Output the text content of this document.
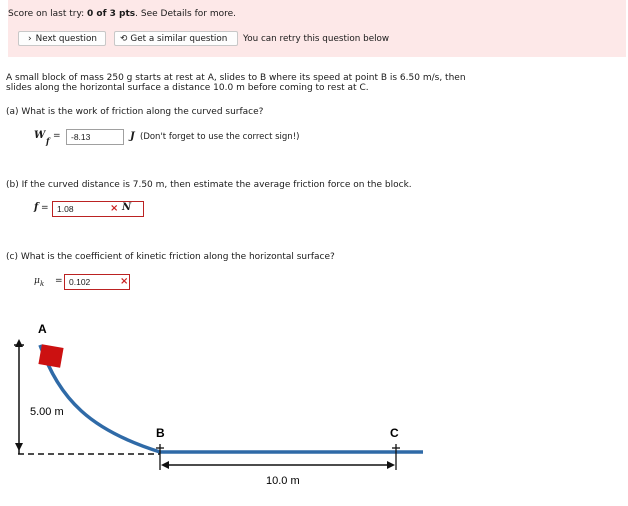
Score on last try: 0 of 3 pts. See Details for more.
› Next question	⟲ Get a similar question	You can retry this question below
A small block of mass 250 g starts at rest at A, slides to B where its speed at point B is 6.50 m/s, then slides along the horizontal surface a distance 10.0 m before coming to rest at C.
(a) What is the work of friction along the curved surface?
W f =	-8.13	J (Don't forget to use the correct sign!)
(b) If the curved distance is 7.50 m, then estimate the average friction force on the block.
f = 1.08	× N
(c) What is the coefficient of kinetic friction along the horizontal surface?
μ k = 0.102	×
A
5.00 m
B	C
10.0 m
